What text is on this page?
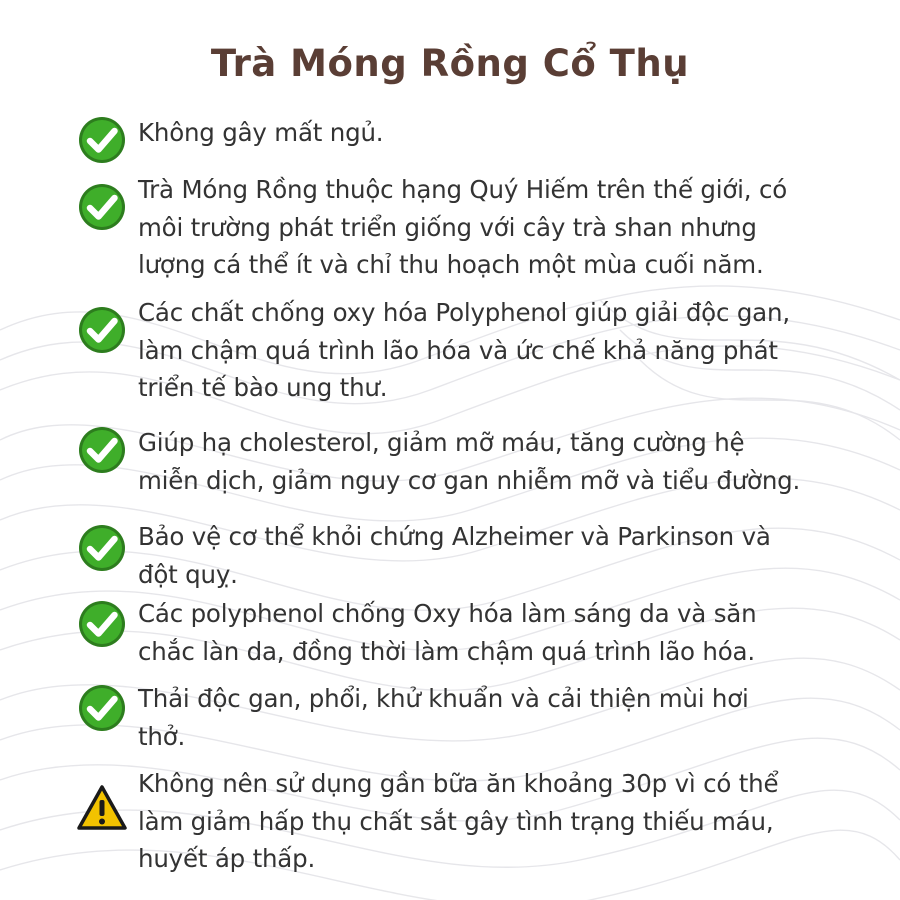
Trà Móng Rồng Cổ Thụ
Không gây mất ngủ.
Trà Móng Rồng thuộc hạng Quý Hiếm trên thế giới, có
môi trường phát triển giống với cây trà shan nhưng
lượng cá thể ít và chỉ thu hoạch một mùa cuối năm.
Các chất chống oxy hóa Polyphenol giúp giải độc gan,
làm chậm quá trình lão hóa và ức chế khả năng phát
triển tế bào ung thư.
Giúp hạ cholesterol, giảm mỡ máu, tăng cường hệ
miễn dịch, giảm nguy cơ gan nhiễm mỡ và tiểu đường.
Bảo vệ cơ thể khỏi chứng Alzheimer và Parkinson và
đột quỵ.
Các polyphenol chống Oxy hóa làm sáng da và săn
chắc làn da, đồng thời làm chậm quá trình lão hóa.
Thải độc gan, phổi, khử khuẩn và cải thiện mùi hơi
thở.
Không nên sử dụng gần bữa ăn khoảng 30p vì có thể
làm giảm hấp thụ chất sắt gây tình trạng thiếu máu,
huyết áp thấp.
